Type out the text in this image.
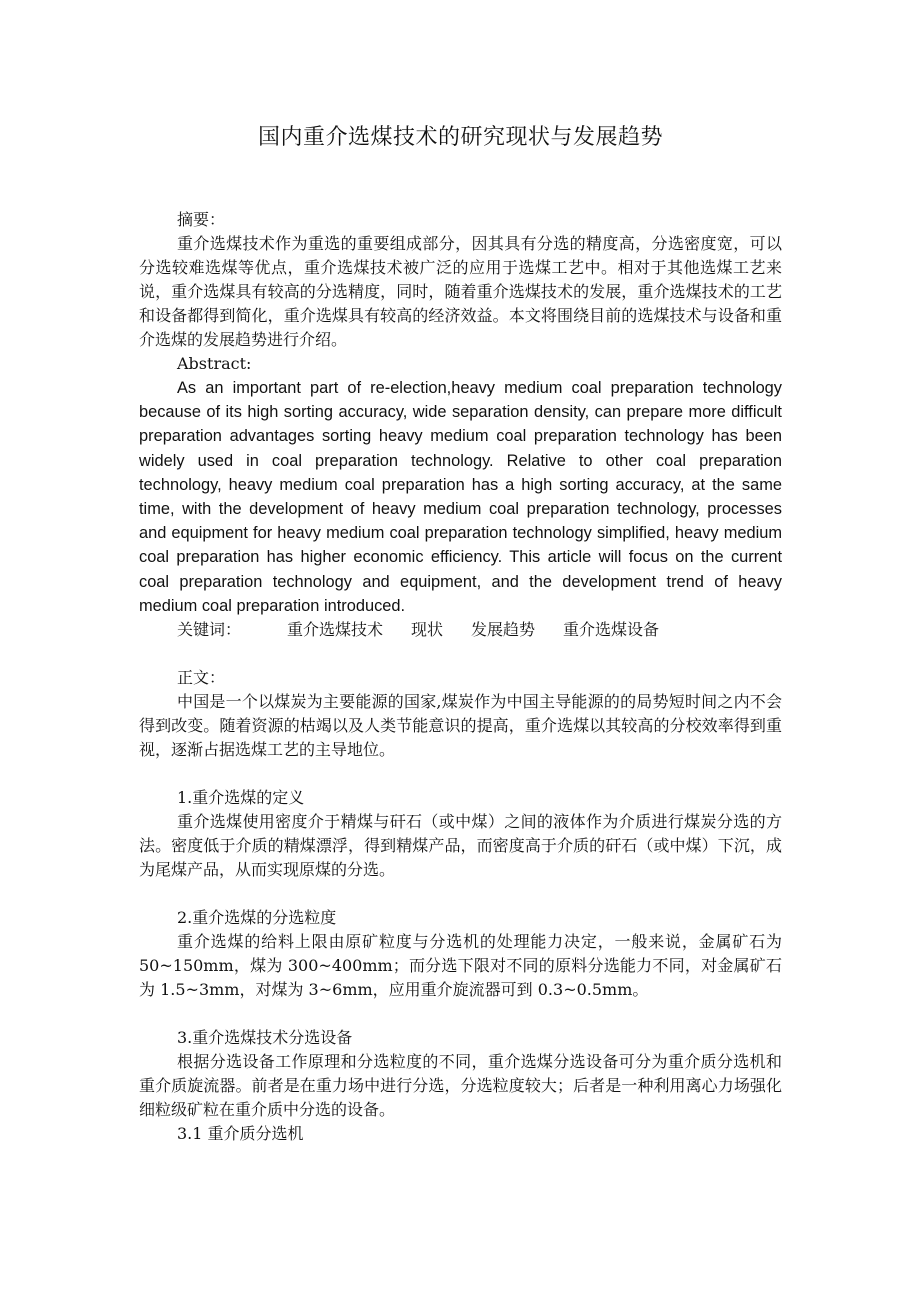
国内重介选煤技术的研究现状与发展趋势

摘要：

重介选煤技术作为重选的重要组成部分，因其具有分选的精度高，分选密度宽，可以分选较难选煤等优点，重介选煤技术被广泛的应用于选煤工艺中。相对于其他选煤工艺来说，重介选煤具有较高的分选精度，同时，随着重介选煤技术的发展，重介选煤技术的工艺和设备都得到简化，重介选煤具有较高的经济效益。本文将围绕目前的选煤技术与设备和重介选煤的发展趋势进行介绍。

Abstract:

As an important part of re-election,heavy medium coal preparation technology because of its high sorting accuracy, wide separation density, can prepare more difficult preparation advantages sorting heavy medium coal preparation technology has been widely used in coal preparation technology. Relative to other coal preparation technology, heavy medium coal preparation has a high sorting accuracy, at the same time, with the development of heavy medium coal preparation technology, processes and equipment for heavy medium coal preparation technology simplified, heavy medium coal preparation has higher economic efficiency. This article will focus on the current coal preparation technology and equipment, and the development trend of heavy medium coal preparation introduced.

关键词：	重介选煤技术 现状 发展趋势 重介选煤设备

正文：

中国是一个以煤炭为主要能源的国家,煤炭作为中国主导能源的的局势短时间之内不会得到改变。随着资源的枯竭以及人类节能意识的提高，重介选煤以其较高的分校效率得到重视，逐渐占据选煤工艺的主导地位。

1.重介选煤的定义

重介选煤使用密度介于精煤与矸石（或中煤）之间的液体作为介质进行煤炭分选的方法。密度低于介质的精煤漂浮，得到精煤产品，而密度高于介质的矸石（或中煤）下沉，成为尾煤产品，从而实现原煤的分选。

2.重介选煤的分选粒度

重介选煤的给料上限由原矿粒度与分选机的处理能力决定，一般来说，金属矿石为 50~150mm，煤为 300~400mm；而分选下限对不同的原料分选能力不同，对金属矿石为 1.5~3mm，对煤为 3~6mm，应用重介旋流器可到 0.3~0.5mm。

3.重介选煤技术分选设备

根据分选设备工作原理和分选粒度的不同，重介选煤分选设备可分为重介质分选机和重介质旋流器。前者是在重力场中进行分选，分选粒度较大；后者是一种利用离心力场强化细粒级矿粒在重介质中分选的设备。

3.1 重介质分选机
